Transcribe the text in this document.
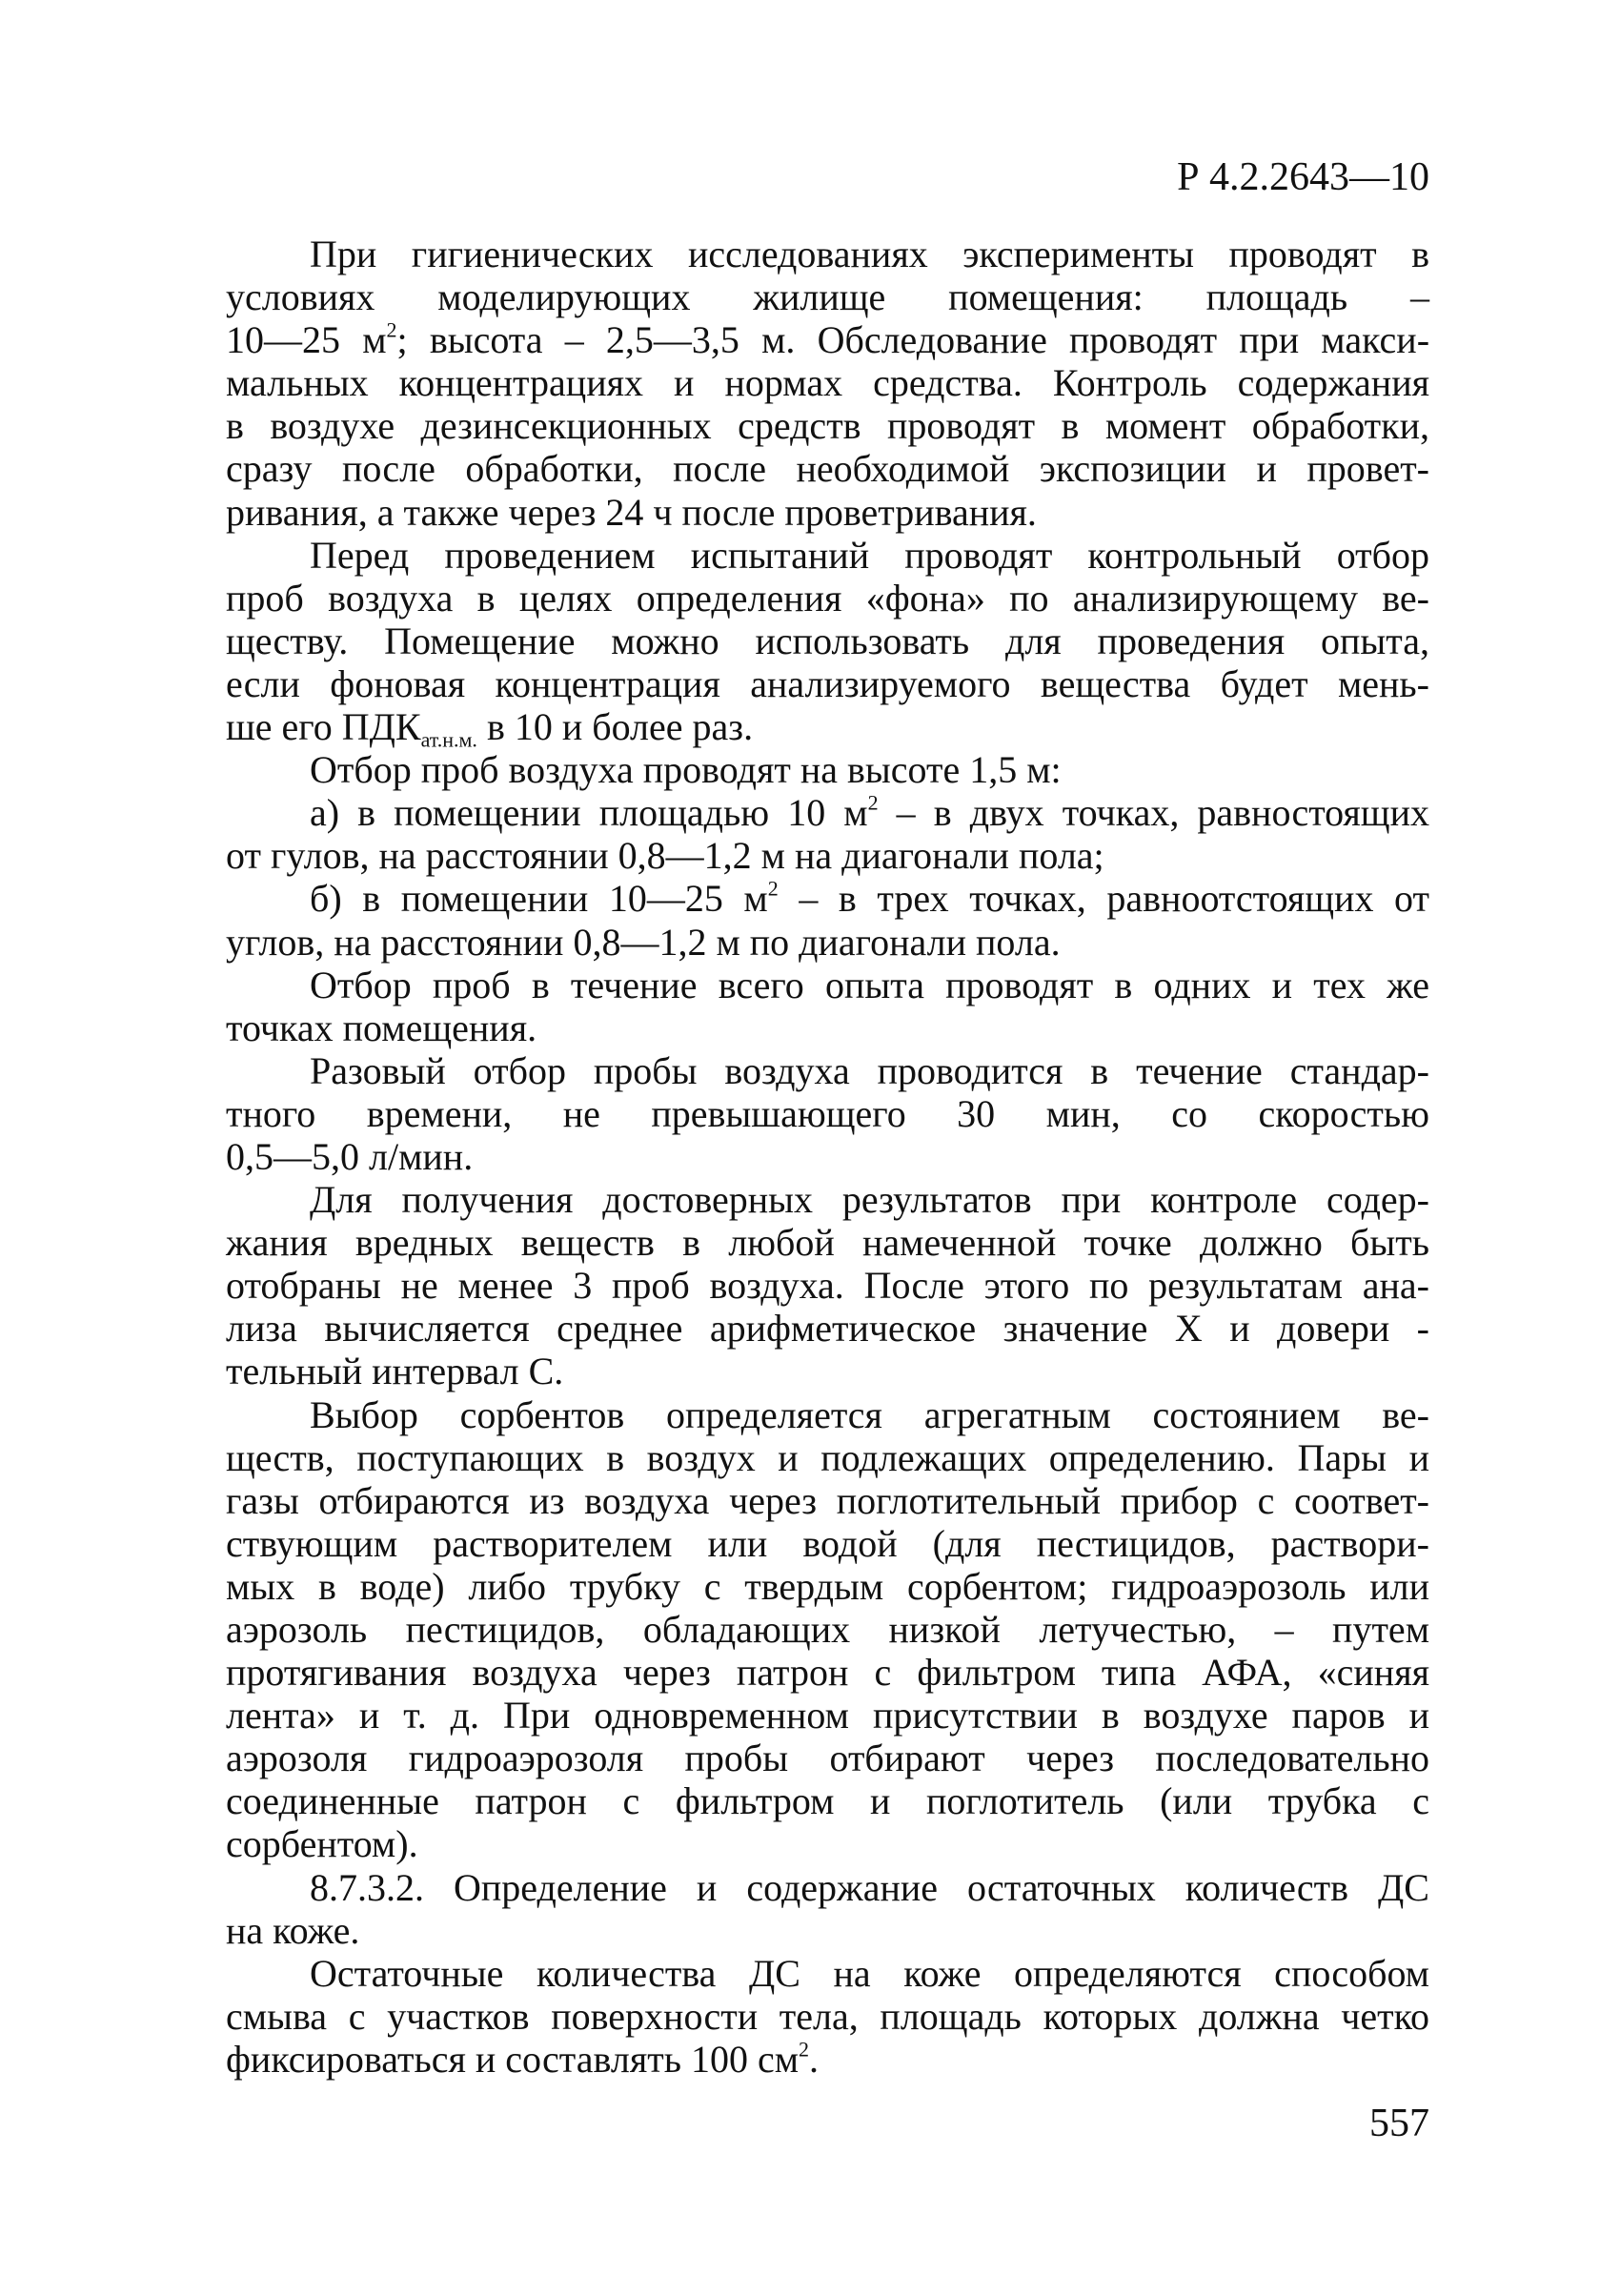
Р 4.2.2643—10
При гигиенических исследованиях эксперименты проводят в
условиях моделирующих жилище помещения: площадь –
10—25 $м^2$; высота – 2,5—3,5 м. Обследование проводят при макси-
мальных концентрациях и нормах средства. Контроль содержания
в воздухе дезинсекционных средств проводят в момент обработки,
сразу после обработки, после необходимой экспозиции и провет-
ривания, а также через 24 ч после проветривания.
Перед проведением испытаний проводят контрольный отбор
проб воздуха в целях определения «фона» по анализирующему ве-
ществу. Помещение можно использовать для проведения опыта,
если фоновая концентрация анализируемого вещества будет мень-
ше его $ПДК_{ат.н.м.}$ в 10 и более раз.
Отбор проб воздуха проводят на высоте 1,5 м:
а) в помещении площадью 10 $м^2$ – в двух точках, равностоящих
от гулов, на расстоянии 0,8—1,2 м на диагонали пола;
б) в помещении 10—25 $м^2$ – в трех точках, равноотстоящих от
углов, на расстоянии 0,8—1,2 м по диагонали пола.
Отбор проб в течение всего опыта проводят в одних и тех же
точках помещения.
Разовый отбор пробы воздуха проводится в течение стандар-
тного времени, не превышающего 30 мин, со скоростью
0,5—5,0 л/мин.
Для получения достоверных результатов при контроле содер-
жания вредных веществ в любой намеченной точке должно быть
отобраны не менее 3 проб воздуха. После этого по результатам ана-
лиза вычисляется среднее арифметическое значение X и довери -
тельный интервал С.
Выбор сорбентов определяется агрегатным состоянием ве-
ществ, поступающих в воздух и подлежащих определению. Пары и
газы отбираются из воздуха через поглотительный прибор с соответ-
ствующим растворителем или водой (для пестицидов, раствори-
мых в воде) либо трубку с твердым сорбентом; гидроаэрозоль или
аэрозоль пестицидов, обладающих низкой летучестью, – путем
протягивания воздуха через патрон с фильтром типа АФА, «синяя
лента» и т. д. При одновременном присутствии в воздухе паров и
аэрозоля гидроаэрозоля пробы отбирают через последовательно
соединенные патрон с фильтром и поглотитель (или трубка с
сорбентом).
8.7.3.2. Определение и содержание остаточных количеств ДС
на коже.
Остаточные количества ДС на коже определяются способом
смыва с участков поверхности тела, площадь которых должна четко
фиксироваться и составлять 100 $см^2$.
557
